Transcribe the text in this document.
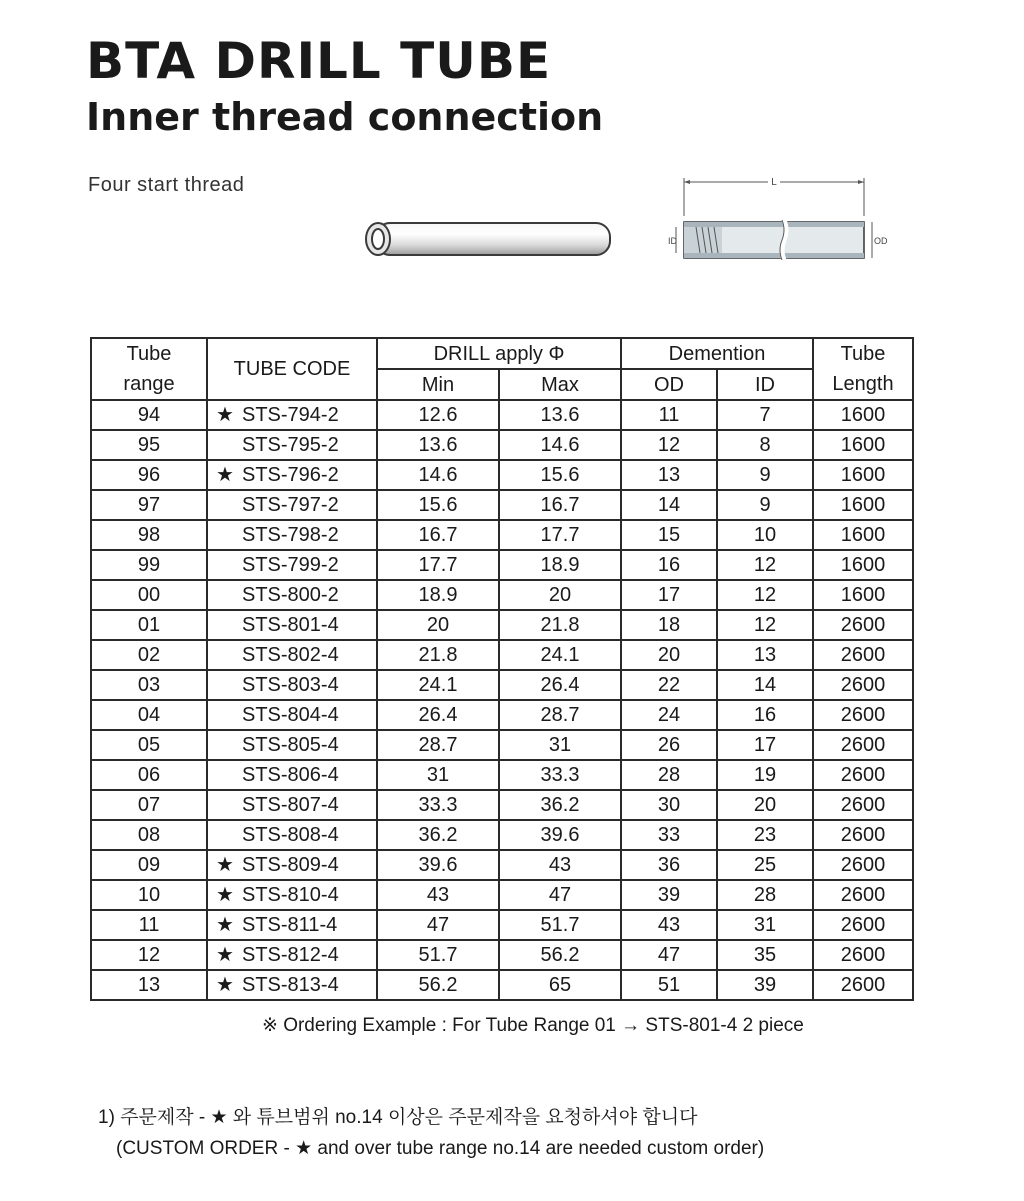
BTA DRILL TUBE
Inner thread connection
Four start thread	L
ID	OD
Tube range	TUBE CODE	DRILL apply Φ		Demention		Tube Length
		Min	Max	OD	ID	
94	★ STS-794-2	12.6	13.6	11	7	1600
95	STS-795-2	13.6	14.6	12	8	1600
96	★ STS-796-2	14.6	15.6	13	9	1600
97	STS-797-2	15.6	16.7	14	9	1600
98	STS-798-2	16.7	17.7	15	10	1600
99	STS-799-2	17.7	18.9	16	12	1600
00	STS-800-2	18.9	20	17	12	1600
01	STS-801-4	20	21.8	18	12	2600
02	STS-802-4	21.8	24.1	20	13	2600
03	STS-803-4	24.1	26.4	22	14	2600
04	STS-804-4	26.4	28.7	24	16	2600
05	STS-805-4	28.7	31	26	17	2600
06	STS-806-4	31	33.3	28	19	2600
07	STS-807-4	33.3	36.2	30	20	2600
08	STS-808-4	36.2	39.6	33	23	2600
09	★ STS-809-4	39.6	43	36	25	2600
10	★ STS-810-4	43	47	39	28	2600
11	★ STS-811-4	47	51.7	43	31	2600
12	★ STS-812-4	51.7	56.2	47	35	2600
13	★ STS-813-4	56.2	65	51	39	2600
※ Ordering Example : For Tube Range 01 → STS-801-4 2 piece
1) 주문제작 - ★ 와 튜브범위 no.14 이상은 주문제작을 요청하셔야 합니다
(CUSTOM ORDER - ★ and over tube range no.14 are needed custom order)
